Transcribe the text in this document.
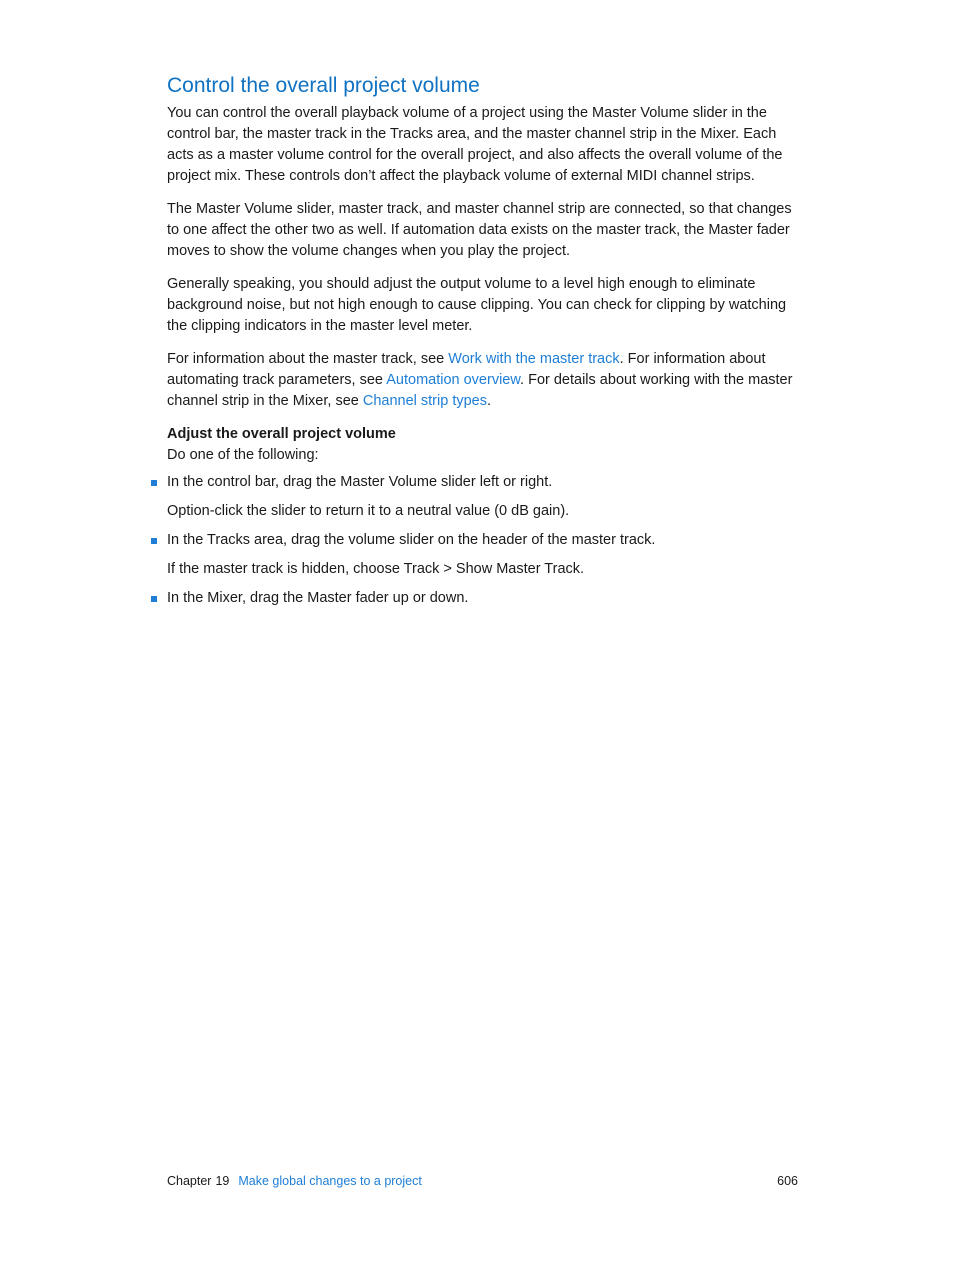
Control the overall project volume

You can control the overall playback volume of a project using the Master Volume slider in the control bar, the master track in the Tracks area, and the master channel strip in the Mixer. Each acts as a master volume control for the overall project, and also affects the overall volume of the project mix. These controls don’t affect the playback volume of external MIDI channel strips.

The Master Volume slider, master track, and master channel strip are connected, so that changes to one affect the other two as well. If automation data exists on the master track, the Master fader moves to show the volume changes when you play the project.

Generally speaking, you should adjust the output volume to a level high enough to eliminate background noise, but not high enough to cause clipping. You can check for clipping by watching the clipping indicators in the master level meter.

For information about the master track, see Work with the master track. For information about automating track parameters, see Automation overview. For details about working with the master channel strip in the Mixer, see Channel strip types.

Adjust the overall project volume

Do one of the following:

In the control bar, drag the Master Volume slider left or right.

Option-click the slider to return it to a neutral value (0 dB gain).

In the Tracks area, drag the volume slider on the header of the master track.

If the master track is hidden, choose Track > Show Master Track.

In the Mixer, drag the Master fader up or down.

Chapter 19 Make global changes to a project	606
